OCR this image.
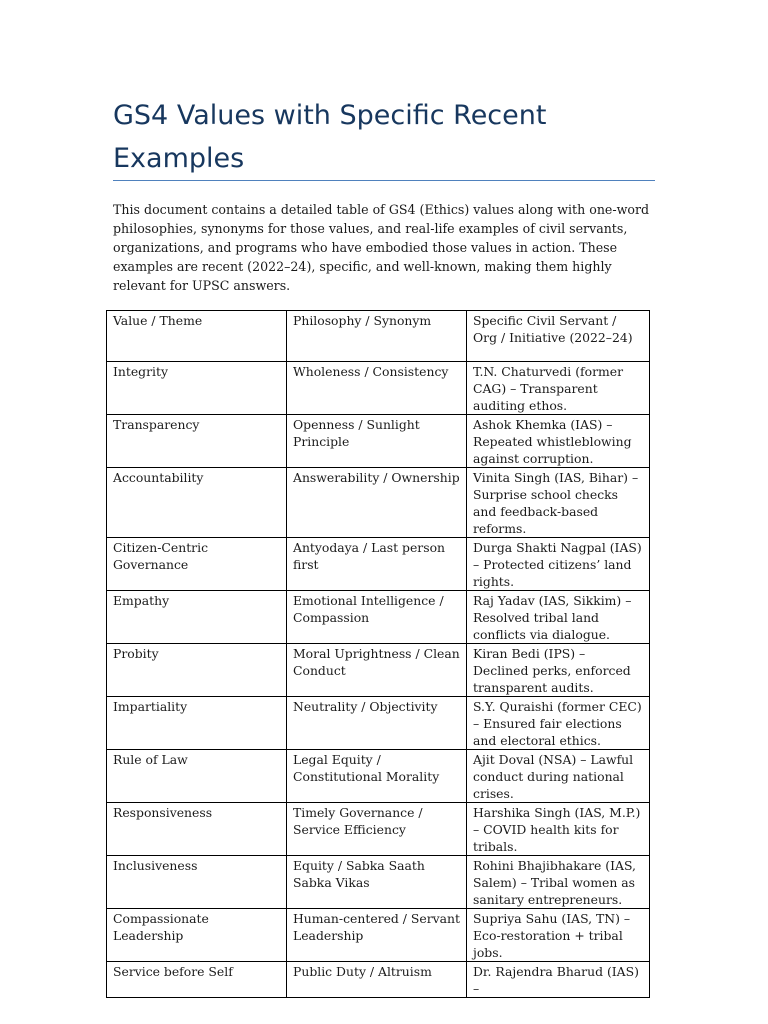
GS4 Values with Specific Recent Examples

This document contains a detailed table of GS4 (Ethics) values along with one-word philosophies, synonyms for those values, and real-life examples of civil servants, organizations, and programs who have embodied those values in action. These examples are recent (2022–24), specific, and well-known, making them highly relevant for UPSC answers.

Value / Theme	Philosophy / Synonym	Specific Civil Servant / Org / Initiative (2022–24)
Integrity	Wholeness / Consistency	T.N. Chaturvedi (former CAG) – Transparent auditing ethos.
Transparency	Openness / Sunlight Principle	Ashok Khemka (IAS) – Repeated whistleblowing against corruption.
Accountability	Answerability / Ownership	Vinita Singh (IAS, Bihar) – Surprise school checks and feedback-based reforms.
Citizen-Centric Governance	Antyodaya / Last person first	Durga Shakti Nagpal (IAS) – Protected citizens’ land rights.
Empathy	Emotional Intelligence / Compassion	Raj Yadav (IAS, Sikkim) – Resolved tribal land conflicts via dialogue.
Probity	Moral Uprightness / Clean Conduct	Kiran Bedi (IPS) – Declined perks, enforced transparent audits.
Impartiality	Neutrality / Objectivity	S.Y. Quraishi (former CEC) – Ensured fair elections and electoral ethics.
Rule of Law	Legal Equity / Constitutional Morality	Ajit Doval (NSA) – Lawful conduct during national crises.
Responsiveness	Timely Governance / Service Efficiency	Harshika Singh (IAS, M.P.) – COVID health kits for tribals.
Inclusiveness	Equity / Sabka Saath Sabka Vikas	Rohini Bhajibhakare (IAS, Salem) – Tribal women as sanitary entrepreneurs.
Compassionate Leadership	Human-centered / Servant Leadership	Supriya Sahu (IAS, TN) – Eco-restoration + tribal jobs.
Service before Self	Public Duty / Altruism	Dr. Rajendra Bharud (IAS) –
